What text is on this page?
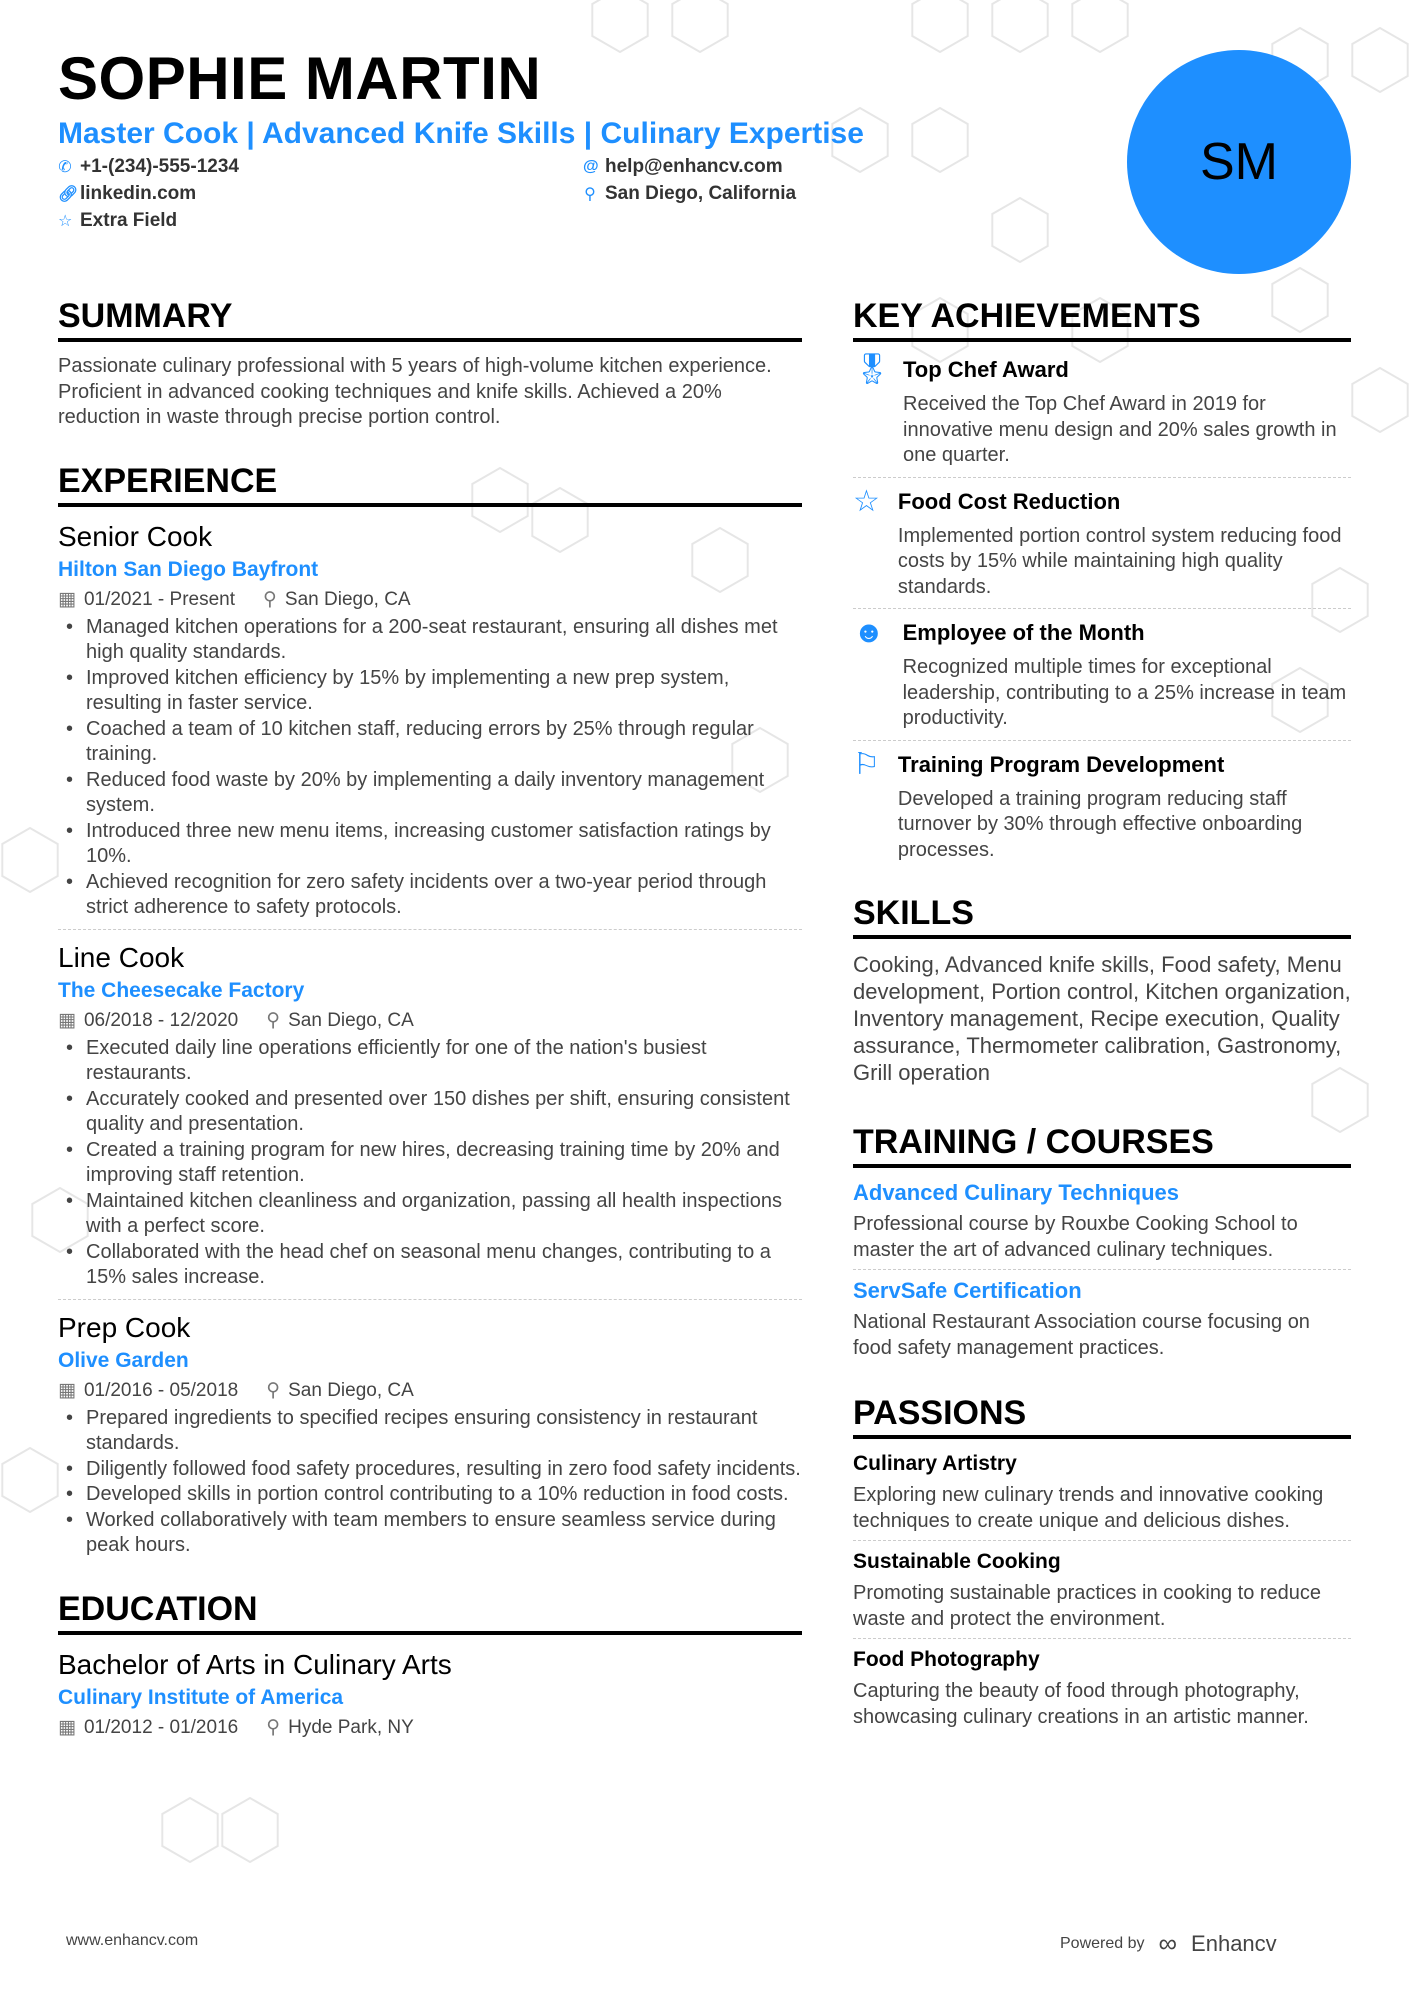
SOPHIE MARTIN
Master Cook | Advanced Knife Skills | Culinary Expertise
✆ +1-(234)-555-1234	@ help@enhancv.com
🔗︎ linkedin.com	⚲ San Diego, California
☆ Extra Field
SM
SUMMARY

Passionate culinary professional with 5 years of high-volume kitchen experience. Proficient in advanced cooking techniques and knife skills. Achieved a 20% reduction in waste through precise portion control.

EXPERIENCE
Senior Cook
Hilton San Diego Bayfront
▦ 01/2021 - Present ⚲ San Diego, CA
• Managed kitchen operations for a 200-seat restaurant, ensuring all dishes met high quality standards.
• Improved kitchen efficiency by 15% by implementing a new prep system, resulting in faster service.
• Coached a team of 10 kitchen staff, reducing errors by 25% through regular training.
• Reduced food waste by 20% by implementing a daily inventory management system.
• Introduced three new menu items, increasing customer satisfaction ratings by 10%.
• Achieved recognition for zero safety incidents over a two-year period through strict adherence to safety protocols.
Line Cook
The Cheesecake Factory
▦ 06/2018 - 12/2020 ⚲ San Diego, CA
• Executed daily line operations efficiently for one of the nation's busiest restaurants.
• Accurately cooked and presented over 150 dishes per shift, ensuring consistent quality and presentation.
• Created a training program for new hires, decreasing training time by 20% and improving staff retention.
• Maintained kitchen cleanliness and organization, passing all health inspections with a perfect score.
• Collaborated with the head chef on seasonal menu changes, contributing to a 15% sales increase.
Prep Cook
Olive Garden
▦ 01/2016 - 05/2018 ⚲ San Diego, CA
• Prepared ingredients to specified recipes ensuring consistency in restaurant standards.
• Diligently followed food safety procedures, resulting in zero food safety incidents.
• Developed skills in portion control contributing to a 10% reduction in food costs.
• Worked collaboratively with team members to ensure seamless service during peak hours.
EDUCATION
Bachelor of Arts in Culinary Arts
Culinary Institute of America
▦ 01/2012 - 01/2016 ⚲ Hyde Park, NY
KEY ACHIEVEMENTS
🎖︎ Top Chef Award
Received the Top Chef Award in 2019 for innovative menu design and 20% sales growth in one quarter.
☆ Food Cost Reduction
Implemented portion control system reducing food costs by 15% while maintaining high quality standards.
☻ Employee of the Month
Recognized multiple times for exceptional leadership, contributing to a 25% increase in team productivity.
⚐ Training Program Development
Developed a training program reducing staff turnover by 30% through effective onboarding processes.
SKILLS

Cooking, Advanced knife skills, Food safety, Menu development, Portion control, Kitchen organization, Inventory management, Recipe execution, Quality assurance, Thermometer calibration, Gastronomy, Grill operation

TRAINING / COURSES
Advanced Culinary Techniques
Professional course by Rouxbe Cooking School to master the art of advanced culinary techniques.
ServSafe Certification
National Restaurant Association course focusing on food safety management practices.
PASSIONS
Culinary Artistry
Exploring new culinary trends and innovative cooking techniques to create unique and delicious dishes.
Sustainable Cooking
Promoting sustainable practices in cooking to reduce waste and protect the environment.
Food Photography
Capturing the beauty of food through photography, showcasing culinary creations in an artistic manner.
www.enhancv.com	Powered by ∞ Enhancv
